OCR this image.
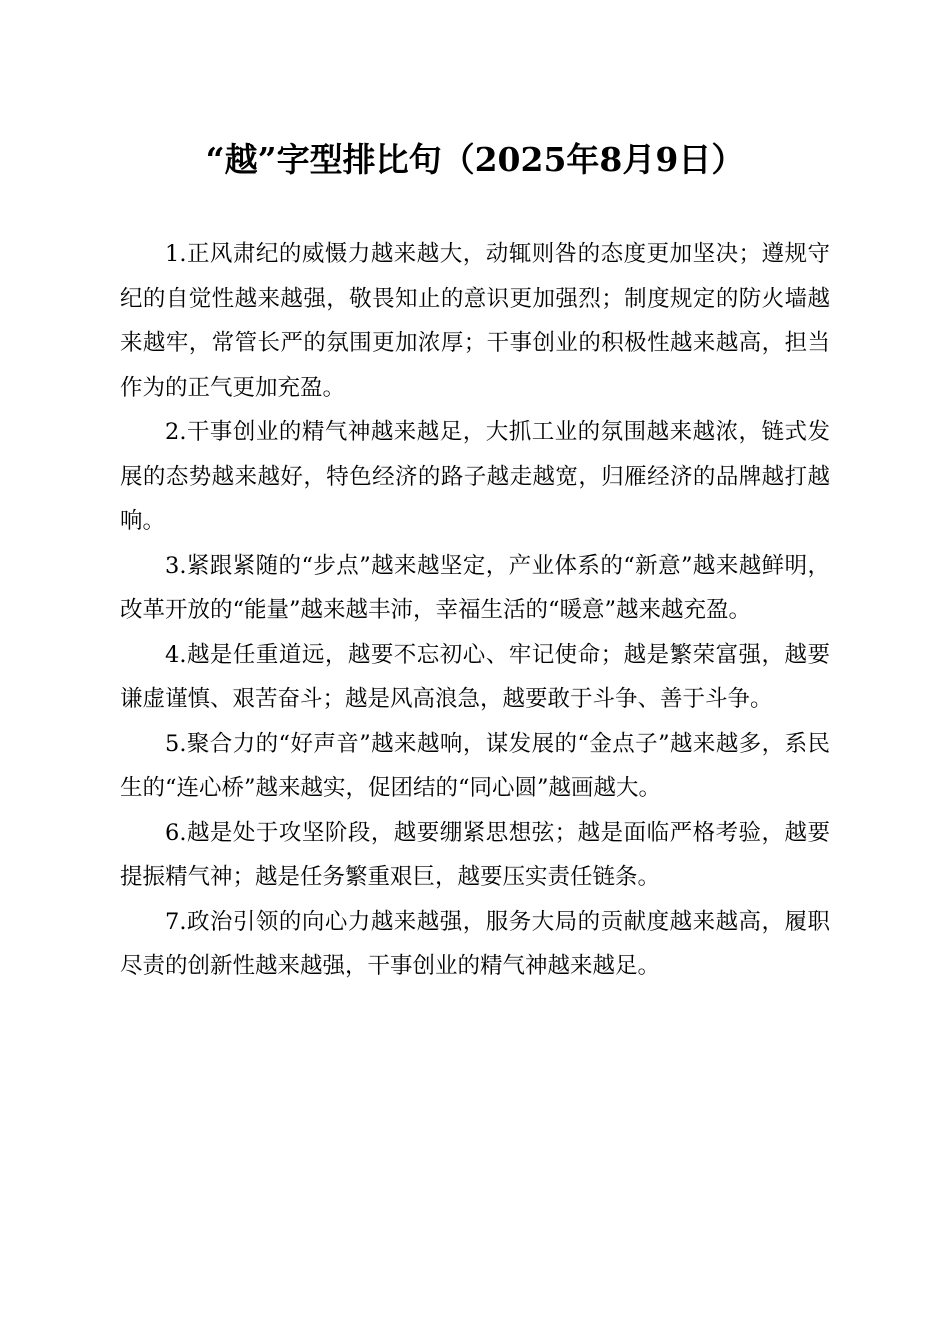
“越”字型排比句（2025年8月9日）

1.正风肃纪的威慑力越来越大，动辄则咎的态度更加坚决；遵规守纪的自觉性越来越强，敬畏知止的意识更加强烈；制度规定的防火墙越来越牢，常管长严的氛围更加浓厚；干事创业的积极性越来越高，担当作为的正气更加充盈。

2.干事创业的精气神越来越足，大抓工业的氛围越来越浓，链式发展的态势越来越好，特色经济的路子越走越宽，归雁经济的品牌越打越响。

3.紧跟紧随的“步点”越来越坚定，产业体系的“新意”越来越鲜明，改革开放的“能量”越来越丰沛，幸福生活的“暖意”越来越充盈。

4.越是任重道远，越要不忘初心、牢记使命；越是繁荣富强，越要谦虚谨慎、艰苦奋斗；越是风高浪急，越要敢于斗争、善于斗争。

5.聚合力的“好声音”越来越响，谋发展的“金点子”越来越多，系民生的“连心桥”越来越实，促团结的“同心圆”越画越大。

6.越是处于攻坚阶段，越要绷紧思想弦；越是面临严格考验，越要提振精气神；越是任务繁重艰巨，越要压实责任链条。

7.政治引领的向心力越来越强，服务大局的贡献度越来越高，履职尽责的创新性越来越强，干事创业的精气神越来越足。
